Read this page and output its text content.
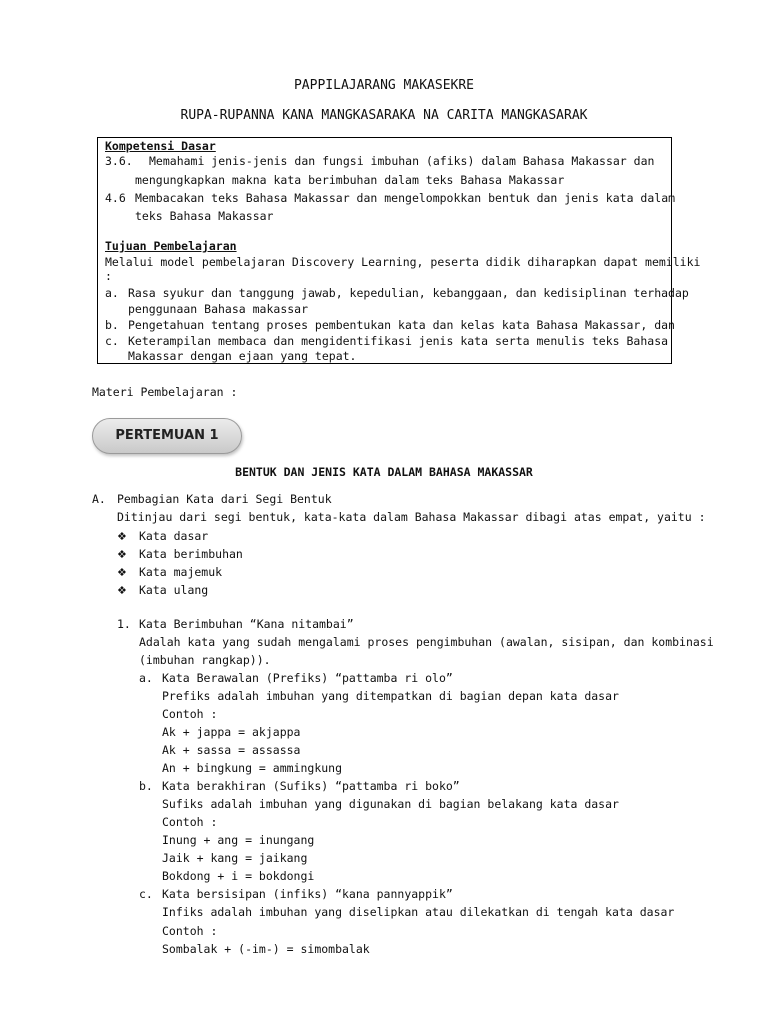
PAPPILAJARANG MAKASEKRE
RUPA-RUPANNA KANA MANGKASARAKA NA CARITA MANGKASARAK
Kompetensi Dasar
3.6. Memahami jenis-jenis dan fungsi imbuhan (afiks) dalam Bahasa Makassar dan
mengungkapkan makna kata berimbuhan dalam teks Bahasa Makassar
4.6 Membacakan teks Bahasa Makassar dan mengelompokkan bentuk dan jenis kata dalam
teks Bahasa Makassar
Tujuan Pembelajaran
Melalui model pembelajaran Discovery Learning, peserta didik diharapkan dapat memiliki
:
a. Rasa syukur dan tanggung jawab, kepedulian, kebanggaan, dan kedisiplinan terhadap
penggunaan Bahasa makassar
b. Pengetahuan tentang proses pembentukan kata dan kelas kata Bahasa Makassar, dan
c. Keterampilan membaca dan mengidentifikasi jenis kata serta menulis teks Bahasa
Makassar dengan ejaan yang tepat.
Materi Pembelajaran :
PERTEMUAN 1
BENTUK DAN JENIS KATA DALAM BAHASA MAKASSAR
A. Pembagian Kata dari Segi Bentuk
Ditinjau dari segi bentuk, kata-kata dalam Bahasa Makassar dibagi atas empat, yaitu :
❖ Kata dasar
❖ Kata berimbuhan
❖ Kata majemuk
❖ Kata ulang
1. Kata Berimbuhan “Kana nitambai”
Adalah kata yang sudah mengalami proses pengimbuhan (awalan, sisipan, dan kombinasi
(imbuhan rangkap)).
a. Kata Berawalan (Prefiks) “pattamba ri olo”
Prefiks adalah imbuhan yang ditempatkan di bagian depan kata dasar
Contoh :
Ak + jappa = akjappa
Ak + sassa = assassa
An + bingkung = ammingkung
b. Kata berakhiran (Sufiks) “pattamba ri boko”
Sufiks adalah imbuhan yang digunakan di bagian belakang kata dasar
Contoh :
Inung + ang = inungang
Jaik + kang = jaikang
Bokdong + i = bokdongi
c. Kata bersisipan (infiks) “kana pannyappik”
Infiks adalah imbuhan yang diselipkan atau dilekatkan di tengah kata dasar
Contoh :
Sombalak + (-im-) = simombalak
